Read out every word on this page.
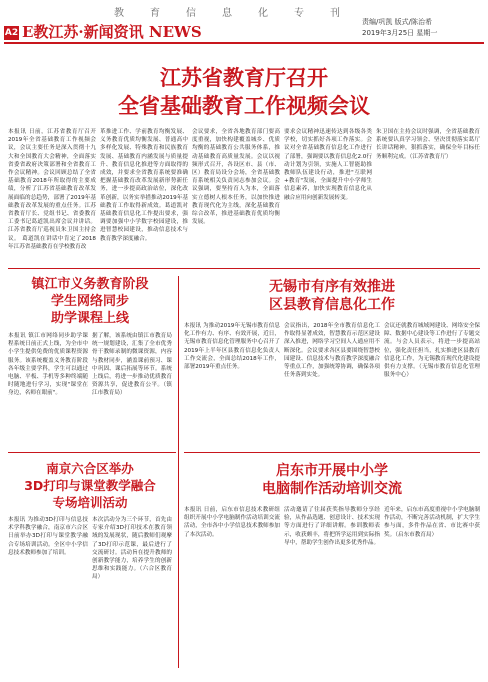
教育信息化专刊
A2 E教江苏·新闻资讯 NEWS
责编/巩凯 版式/陈治希
2019年3月25日 星期一
江苏省教育厅召开
全省基础教育工作视频会议
本报讯 日前，江苏省教育厅召开2019年全省基础教育工作视频会议，会议主要任务是深入贯彻十九大和全国教育大会精神，全面落实省委省政府决策部署和全省教育工作会议精神。会议回顾总结了全省基础教育2018年所取得的主要成绩，分析了江苏省基础教育改革发展面临的总趋势，部署了2019年基础教育改革发展的重点任务。江苏省教育厅长、党组书记、省委教育工委书记葛道凯出席会议并讲话。江苏省教育厅巡视员朱卫国主持会议。 葛道凯在讲话中肯定了2018年江苏省基础教育在学校教育改
革推进工作、学前教育均衡发展、义务教育优质均衡发展、普通高中多样化发展、特殊教育和民族教育发展、基础教育内涵发展与质量提升、教育信息化推进等方面取得的成效，并要求全省教育系统要准确把握基础教育改革发展新形势新任务，进一步提高政治站位，深化改革创新，以务实举措推动2019年基础教育工作取得新成效。葛道凯对基础教育信息化工作提出要求，强调要加强中小学数字校园建设，推进智慧校园建设，推动信息技术与教育教学深度融合。
会议要求，全省各地教育部门要高度重视，加快构建覆盖城乡、优质均衡的基础教育公共服务体系，推动基础教育高质量发展。会议以视频形式召开，各设区市、县（市、区）教育局设分会场，全省基础教育系统相关负责同志参加会议。会议强调，要坚持育人为本，全面落实立德树人根本任务，以加快推进教育现代化为主线，深化基础教育综合改革，推进基础教育优质均衡发展。
要求会议精神迅速传达到各级各类学校，切实抓好各项工作落实。会议对全省基础教育信息化工作进行了部署，强调要以教育信息化2.0行动计划为引领，实施人工智能助推教师队伍建设行动，推进"互联网+教育"发展，全面提升中小学师生信息素养，加快实现教育信息化从融合应用向创新发展转变。
朱卫国在主持会议时强调，全省基础教育系统要认真学习领会、坚决贯彻落实葛厅长讲话精神，狠抓落实，确保全年目标任务顺利完成。（江苏省教育厅）
镇江市义务教育阶段
学生网络同步
助学课程上线
本报讯 镇江市网络同步助学课程系统日前正式上线，为全市中小学生提供免费的优质课程资源服务。该系统覆盖义务教育阶段各年级主要学科，学生可以通过电脑、平板、手机等多种终端随时随地进行学习，实现"课堂在身边，名师在眼前"。
据了解，该系统由镇江市教育局统一规划建设，汇集了全市优秀骨干教师录制的微课资源，内容与教材同步，涵盖课前预习、课中巩固、课后拓展等环节。系统上线后，将进一步推动优质教育资源共享，促进教育公平。（镇江市教育局）
无锡市有序有效推进
区县教育信息化工作
本报讯 为推动2019年无锡市教育信息化工作有力、有序、有效开展，近日，无锡市教育信息化管理服务中心召开了2019年上半年区县教育信息化负责人工作交流会，全面总结2018年工作，部署2019年重点任务。
会议指出，2018年全市教育信息化工作取得显著成效，智慧教育示范区建设深入推进，网络学习空间人人通应用不断深化。会议要求各区县要围绕智慧校园建设、信息技术与教育教学深度融合等重点工作，加强统筹协调，确保各项任务落到实处。
会议还就教育城域网建设、网络安全保障、数据中心建设等工作进行了专题交流。与会人员表示，将进一步提高站位，强化责任担当，扎实推进区县教育信息化工作，为无锡教育现代化建设提供有力支撑。（无锡市教育信息化管理服务中心）
南京六合区举办
3D打印与课堂教学融合
专场培训活动
本报讯 为推动3D打印与信息技术学科教学融合，南京市六合区日前举办3D打印与课堂教学融合专场培训活动。全区中小学信息技术教师参加了培训。
本次活动分为三个环节，首先由专家介绍3D打印技术在教育领域的发展现状，随后教师们观摩了3D打印示范课，最后进行了交流研讨。活动旨在提升教师的创新教学能力，培养学生的创新思维和实践能力。（六合区教育局）
启东市开展中小学
电脑制作活动培训交流
本报讯 日前，启东市信息技术教研组组织开展中小学电脑制作活动培训交流活动，全市各中小学信息技术教师参加了本次活动。
活动邀请了往届获奖指导教师分享经验，从作品选题、创意设计、技术实现等方面进行了详细讲解。参训教师表示，收获颇丰，将把所学运用到实际指导中，帮助学生创作出更多优秀作品。
近年来，启东市高度重视中小学电脑制作活动，不断完善活动机制，扩大学生参与面，多件作品在省、市比赛中获奖。（启东市教育局）
